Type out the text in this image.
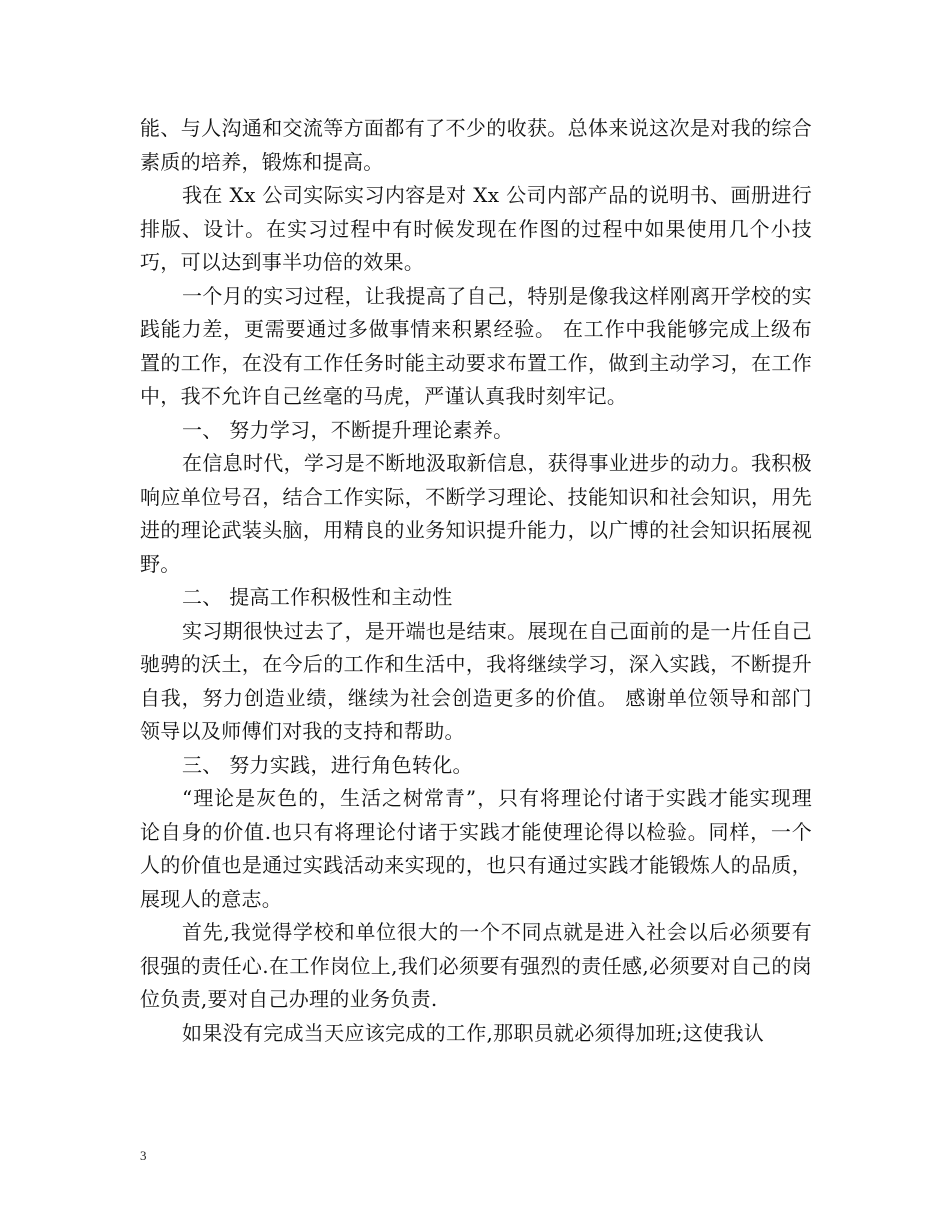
能、与人沟通和交流等方面都有了不少的收获。总体来说这次是对我的综合素质的培养，锻炼和提高。

我在 Xx 公司实际实习内容是对 Xx 公司内部产品的说明书、画册进行排版、设计。在实习过程中有时候发现在作图的过程中如果使用几个小技巧，可以达到事半功倍的效果。

一个月的实习过程，让我提高了自己，特别是像我这样刚离开学校的实践能力差，更需要通过多做事情来积累经验。 在工作中我能够完成上级布置的工作，在没有工作任务时能主动要求布置工作，做到主动学习，在工作中，我不允许自己丝毫的马虎，严谨认真我时刻牢记。

一、 努力学习，不断提升理论素养。

在信息时代，学习是不断地汲取新信息，获得事业进步的动力。我积极响应单位号召，结合工作实际，不断学习理论、技能知识和社会知识，用先进的理论武装头脑，用精良的业务知识提升能力，以广博的社会知识拓展视野。

二、 提高工作积极性和主动性

实习期很快过去了，是开端也是结束。展现在自己面前的是一片任自己驰骋的沃土，在今后的工作和生活中，我将继续学习，深入实践，不断提升自我，努力创造业绩，继续为社会创造更多的价值。 感谢单位领导和部门领导以及师傅们对我的支持和帮助。

三、 努力实践，进行角色转化。

“理论是灰色的，生活之树常青”，只有将理论付诸于实践才能实现理论自身的价值.也只有将理论付诸于实践才能使理论得以检验。同样，一个人的价值也是通过实践活动来实现的，也只有通过实践才能锻炼人的品质，展现人的意志。

首先,我觉得学校和单位很大的一个不同点就是进入社会以后必须要有很强的责任心.在工作岗位上,我们必须要有强烈的责任感,必须要对自己的岗位负责,要对自己办理的业务负责.

如果没有完成当天应该完成的工作,那职员就必须得加班;这使我认

3
